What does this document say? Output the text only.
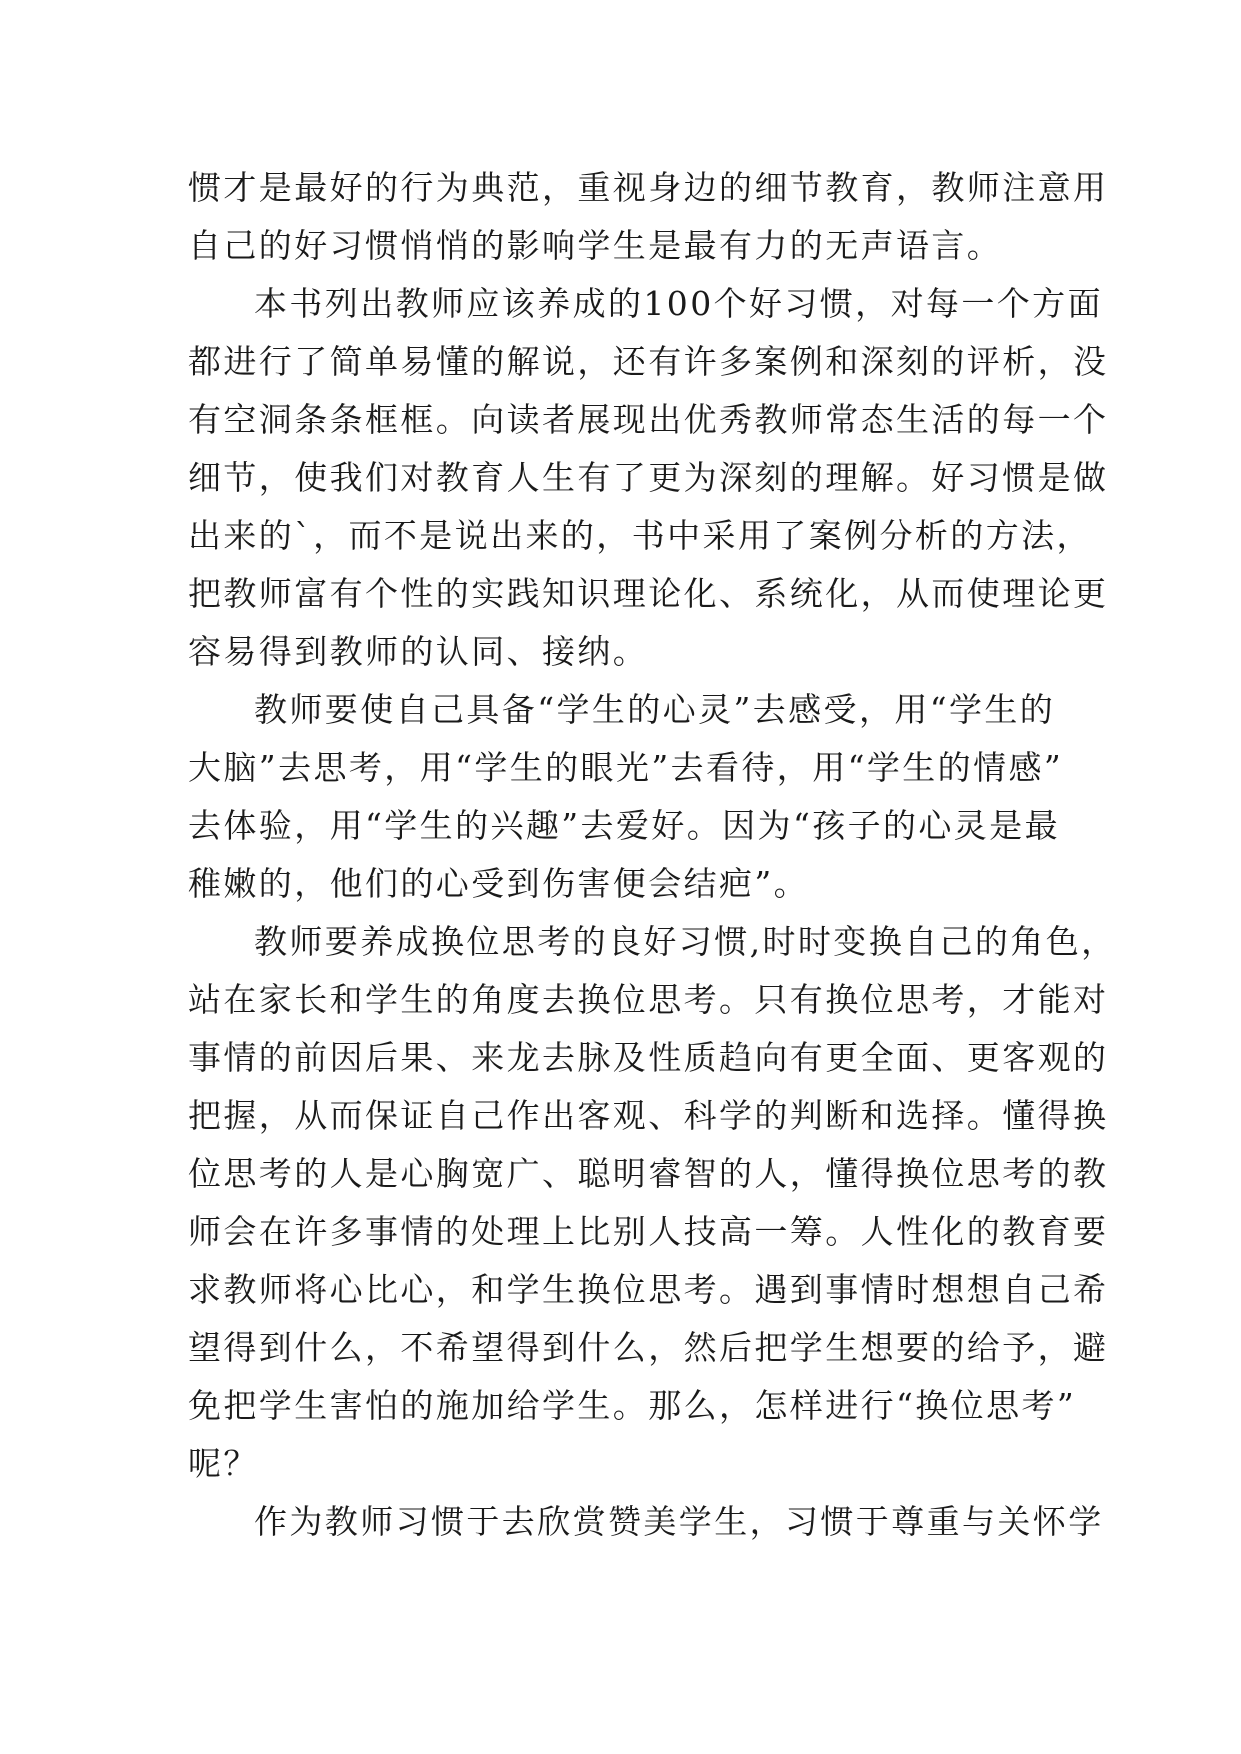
惯才是最好的行为典范，重视身边的细节教育，教师注意用
自己的好习惯悄悄的影响学生是最有力的无声语言。
本书列出教师应该养成的100个好习惯，对每一个方面
都进行了简单易懂的解说，还有许多案例和深刻的评析，没
有空洞条条框框。向读者展现出优秀教师常态生活的每一个
细节，使我们对教育人生有了更为深刻的理解。好习惯是做
出来的`，而不是说出来的，书中采用了案例分析的方法，
把教师富有个性的实践知识理论化、系统化，从而使理论更
容易得到教师的认同、接纳。
教师要使自己具备“学生的心灵”去感受，用“学生的
大脑”去思考，用“学生的眼光”去看待，用“学生的情感”
去体验，用“学生的兴趣”去爱好。因为“孩子的心灵是最
稚嫩的，他们的心受到伤害便会结疤”。
教师要养成换位思考的良好习惯,时时变换自己的角色，
站在家长和学生的角度去换位思考。只有换位思考，才能对
事情的前因后果、来龙去脉及性质趋向有更全面、更客观的
把握，从而保证自己作出客观、科学的判断和选择。懂得换
位思考的人是心胸宽广、聪明睿智的人，懂得换位思考的教
师会在许多事情的处理上比别人技高一筹。人性化的教育要
求教师将心比心，和学生换位思考。遇到事情时想想自己希
望得到什么，不希望得到什么，然后把学生想要的给予，避
免把学生害怕的施加给学生。那么，怎样进行“换位思考”
呢？
作为教师习惯于去欣赏赞美学生，习惯于尊重与关怀学
